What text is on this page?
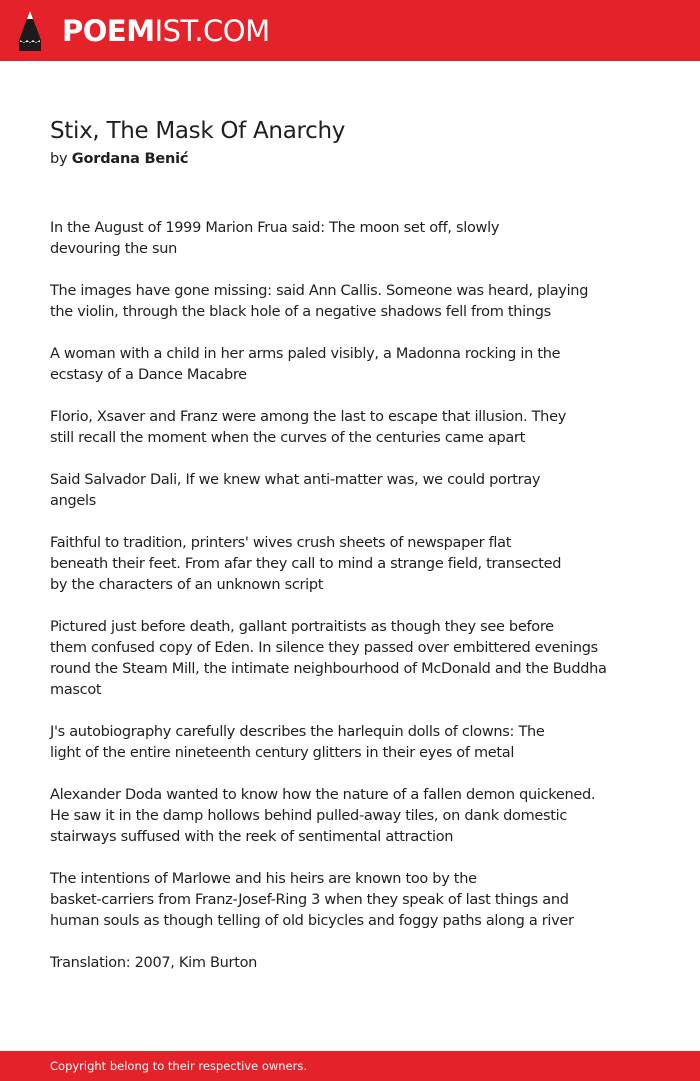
POEMIST.COM
Stix, The Mask Of Anarchy
by Gordana Benić

In the August of 1999 Marion Frua said: The moon set off, slowly
devouring the sun

The images have gone missing: said Ann Callis. Someone was heard, playing
the violin, through the black hole of a negative shadows fell from things

A woman with a child in her arms paled visibly, a Madonna rocking in the
ecstasy of a Dance Macabre

Florio, Xsaver and Franz were among the last to escape that illusion. They
still recall the moment when the curves of the centuries came apart

Said Salvador Dali, If we knew what anti-matter was, we could portray
angels

Faithful to tradition, printers' wives crush sheets of newspaper flat
beneath their feet. From afar they call to mind a strange field, transected
by the characters of an unknown script

Pictured just before death, gallant portraitists as though they see before
them confused copy of Eden. In silence they passed over embittered evenings
round the Steam Mill, the intimate neighbourhood of McDonald and the Buddha
mascot

J's autobiography carefully describes the harlequin dolls of clowns: The
light of the entire nineteenth century glitters in their eyes of metal

Alexander Doda wanted to know how the nature of a fallen demon quickened.
He saw it in the damp hollows behind pulled-away tiles, on dank domestic
stairways suffused with the reek of sentimental attraction

The intentions of Marlowe and his heirs are known too by the
basket-carriers from Franz-Josef-Ring 3 when they speak of last things and
human souls as though telling of old bicycles and foggy paths along a river

Translation: 2007, Kim Burton

Copyright belong to their respective owners.
